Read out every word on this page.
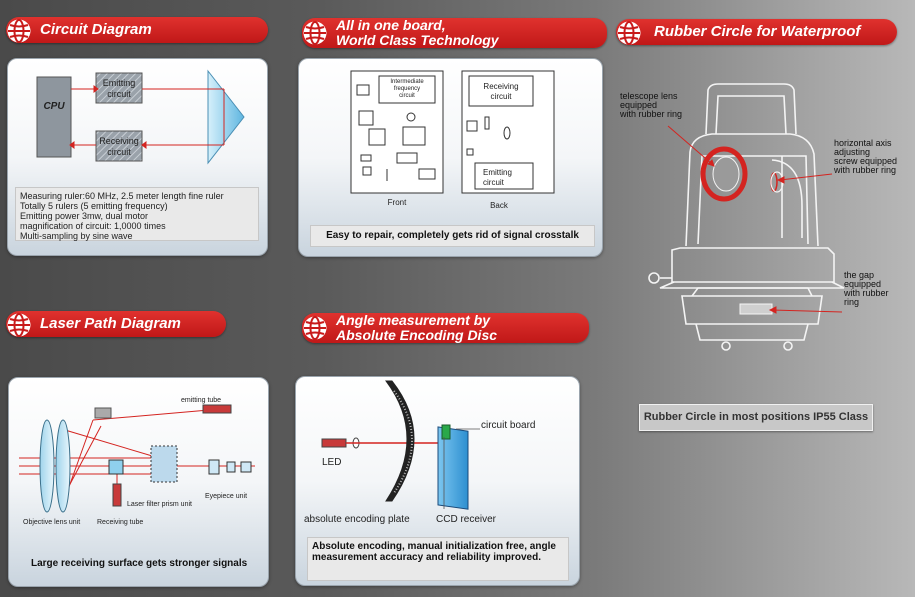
Circuit Diagram	All in one board,
World Class Technology	Rubber Circle for Waterproof
Laser Path Diagram	Angle measurement by
Absolute Encoding Disc
CPU
Emitting circuit
Receiving circuit
Measuring ruler:60 MHz, 2.5 meter length fine ruler
Totally 5 rulers (5 emitting frequency)
Emitting power 3mw, dual motor
magnification of circuit: 1,0000 times
Multi-sampling by sine wave
Intermediate frequency circuit
Front
Receiving circuit
Emitting circuit
Back
Easy to repair, completely gets rid of signal crosstalk
telescope lens
equipped
with rubber ring
horizontal axis
adjusting
screw equipped
with rubber ring
the gap
equipped
with rubber
ring
Rubber Circle in most positions IP55 Class
emitting tube
Laser filter prism unit
Eyepiece unit
Objective lens unit Receiving tube
Large receiving surface gets stronger signals
LED
circuit board
absolute encoding plate	CCD receiver
Absolute encoding, manual initialization free, angle measurement accuracy and reliability improved.
